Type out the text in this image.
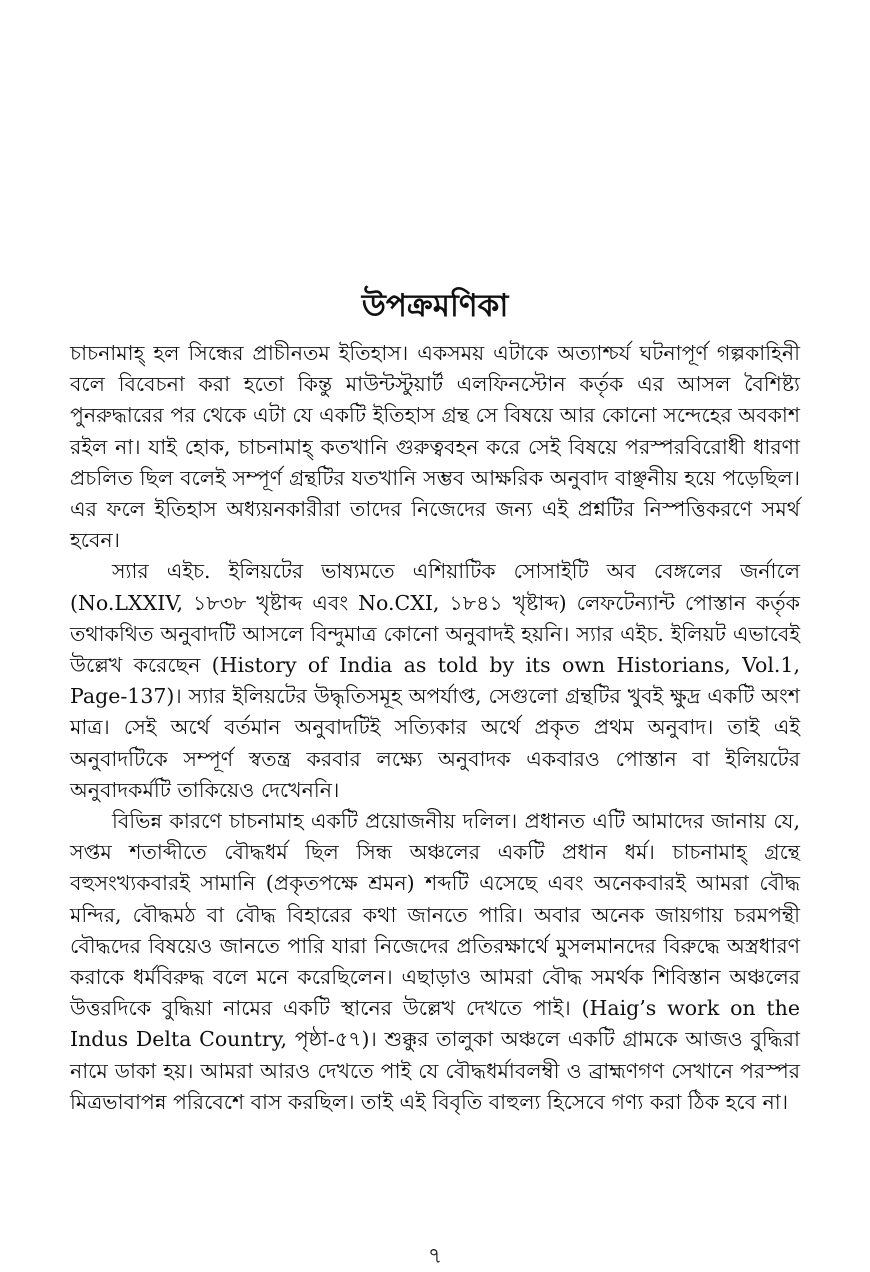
উপক্রমণিকা

চাচনামাহ্ হল সিন্ধের প্রাচীনতম ইতিহাস। একসময় এটাকে অত্যাশ্চর্য ঘটনাপূর্ণ গল্পকাহিনী বলে বিবেচনা করা হতো কিন্তু মাউন্টস্টুয়ার্ট এলফিনস্টোন কর্তৃক এর আসল বৈশিষ্ট্য পুনরুদ্ধারের পর থেকে এটা যে একটি ইতিহাস গ্রন্থ সে বিষয়ে আর কোনো সন্দেহের অবকাশ রইল না। যাই হোক, চাচনামাহ্ কতখানি গুরুত্ববহন করে সেই বিষয়ে পরস্পরবিরোধী ধারণা প্রচলিত ছিল বলেই সম্পূর্ণ গ্রন্থটির যতখানি সম্ভব আক্ষরিক অনুবাদ বাঞ্ছনীয় হয়ে পড়েছিল। এর ফলে ইতিহাস অধ্যয়নকারীরা তাদের নিজেদের জন্য এই প্রশ্নটির নিস্পত্তিকরণে সমর্থ হবেন।

স্যার এইচ. ইলিয়টের ভাষ্যমতে এশিয়াটিক সোসাইটি অব বেঙ্গলের জর্নালে (No.LXXIV, ১৮৩৮ খৃষ্টাব্দ এবং No.CXI, ১৮৪১ খৃষ্টাব্দ) লেফটেন্যান্ট পোস্তান কর্তৃক তথাকথিত অনুবাদটি আসলে বিন্দুমাত্র কোনো অনুবাদই হয়নি। স্যার এইচ. ইলিয়ট এভাবেই উল্লেখ করেছেন (History of India as told by its own Historians, Vol.1, Page-137)। স্যার ইলিয়টের উদ্ধৃতিসমূহ অপর্যাপ্ত, সেগুলো গ্রন্থটির খুবই ক্ষুদ্র একটি অংশ মাত্র। সেই অর্থে বর্তমান অনুবাদটিই সত্যিকার অর্থে প্রকৃত প্রথম অনুবাদ। তাই এই অনুবাদটিকে সম্পূর্ণ স্বতন্ত্র করবার লক্ষ্যে অনুবাদক একবারও পোস্তান বা ইলিয়টের অনুবাদকর্মটি তাকিয়েও দেখেননি।

বিভিন্ন কারণে চাচনামাহ একটি প্রয়োজনীয় দলিল। প্রধানত এটি আমাদের জানায় যে, সপ্তম শতাব্দীতে বৌদ্ধধর্ম ছিল সিন্ধ অঞ্চলের একটি প্রধান ধর্ম। চাচনামাহ্ গ্রন্থে বহুসংখ্যকবারই সামানি (প্রকৃতপক্ষে শ্রমন) শব্দটি এসেছে এবং অনেকবারই আমরা বৌদ্ধ মন্দির, বৌদ্ধমঠ বা বৌদ্ধ বিহারের কথা জানতে পারি। অবার অনেক জায়গায় চরমপন্থী বৌদ্ধদের বিষয়েও জানতে পারি যারা নিজেদের প্রতিরক্ষার্থে মুসলমানদের বিরুদ্ধে অস্ত্রধারণ করাকে ধর্মবিরুদ্ধ বলে মনে করেছিলেন। এছাড়াও আমরা বৌদ্ধ সমর্থক শিবিস্তান অঞ্চলের উত্তরদিকে বুদ্ধিয়া নামের একটি স্থানের উল্লেখ দেখতে পাই। (Haig’s work on the Indus Delta Country, পৃষ্ঠা-৫৭)। শুক্কুর তালুকা অঞ্চলে একটি গ্রামকে আজও বুদ্ধিরা নামে ডাকা হয়। আমরা আরও দেখতে পাই যে বৌদ্ধধর্মাবলম্বী ও ব্রাহ্মণগণ সেখানে পরস্পর মিত্রভাবাপন্ন পরিবেশে বাস করছিল। তাই এই বিবৃতি বাহুল্য হিসেবে গণ্য করা ঠিক হবে না।

৭
